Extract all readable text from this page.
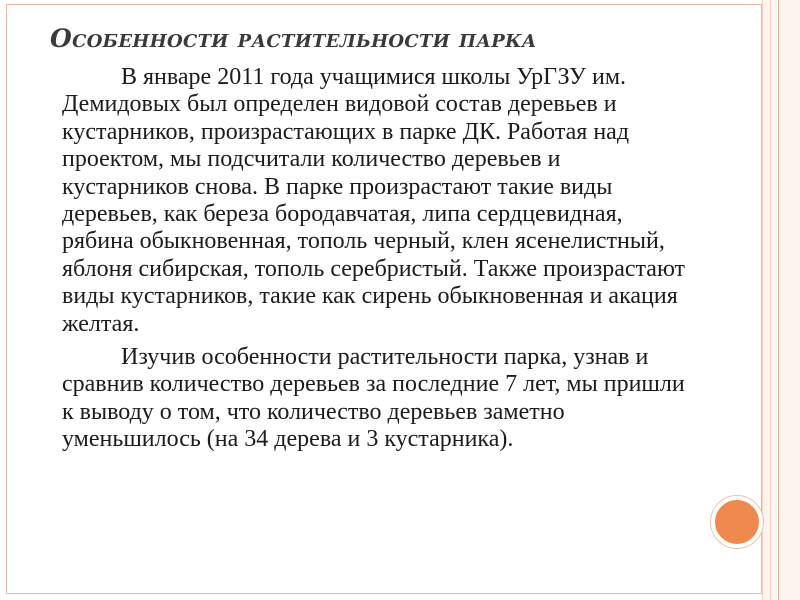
Особенности растительности парка

В январе 2011 года учащимися школы УрГЗУ им. Демидовых был определен видовой состав деревьев и кустарников, произрастающих в парке ДК. Работая над проектом, мы подсчитали количество деревьев и кустарников снова. В парке произрастают такие виды деревьев, как береза бородавчатая, липа сердцевидная, рябина обыкновенная, тополь черный, клен ясенелистный, яблоня сибирская, тополь серебристый. Также произрастают виды кустарников, такие как сирень обыкновенная и акация желтая.

Изучив особенности растительности парка, узнав и сравнив количество деревьев за последние 7 лет, мы пришли к выводу о том, что количество деревьев заметно уменьшилось (на 34 дерева и 3 кустарника).
